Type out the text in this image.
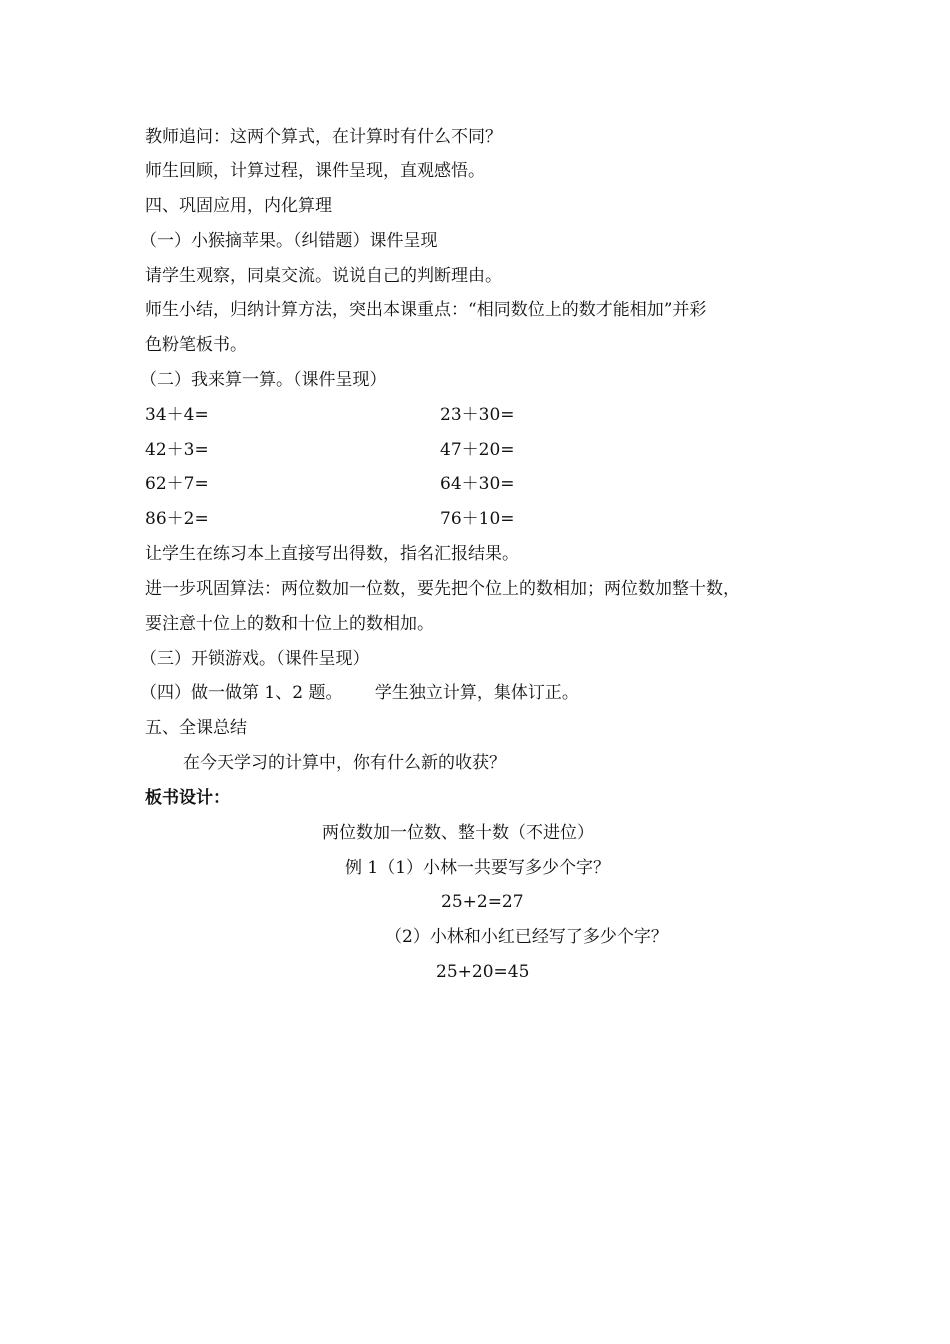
教师追问：这两个算式，在计算时有什么不同？
师生回顾，计算过程，课件呈现，直观感悟。
四、巩固应用，内化算理
（一）小猴摘苹果。（纠错题）课件呈现
请学生观察，同桌交流。说说自己的判断理由。
师生小结，归纳计算方法，突出本课重点：“相同数位上的数才能相加”并彩
色粉笔板书。
（二）我来算一算。（课件呈现）
34＋4=	23＋30=
42＋3=	47＋20=
62＋7=	64＋30=
86＋2=	76＋10=
让学生在练习本上直接写出得数，指名汇报结果。
进一步巩固算法：两位数加一位数，要先把个位上的数相加；两位数加整十数，
要注意十位上的数和十位上的数相加。
（三）开锁游戏。（课件呈现）
（四）做一做第 1、2 题。      学生独立计算，集体订正。
五、全课总结
在今天学习的计算中，你有什么新的收获？
板书设计：
两位数加一位数、整十数（不进位）
例 1（1）小林一共要写多少个字？
25+2=27
（2）小林和小红已经写了多少个字？
25+20=45
